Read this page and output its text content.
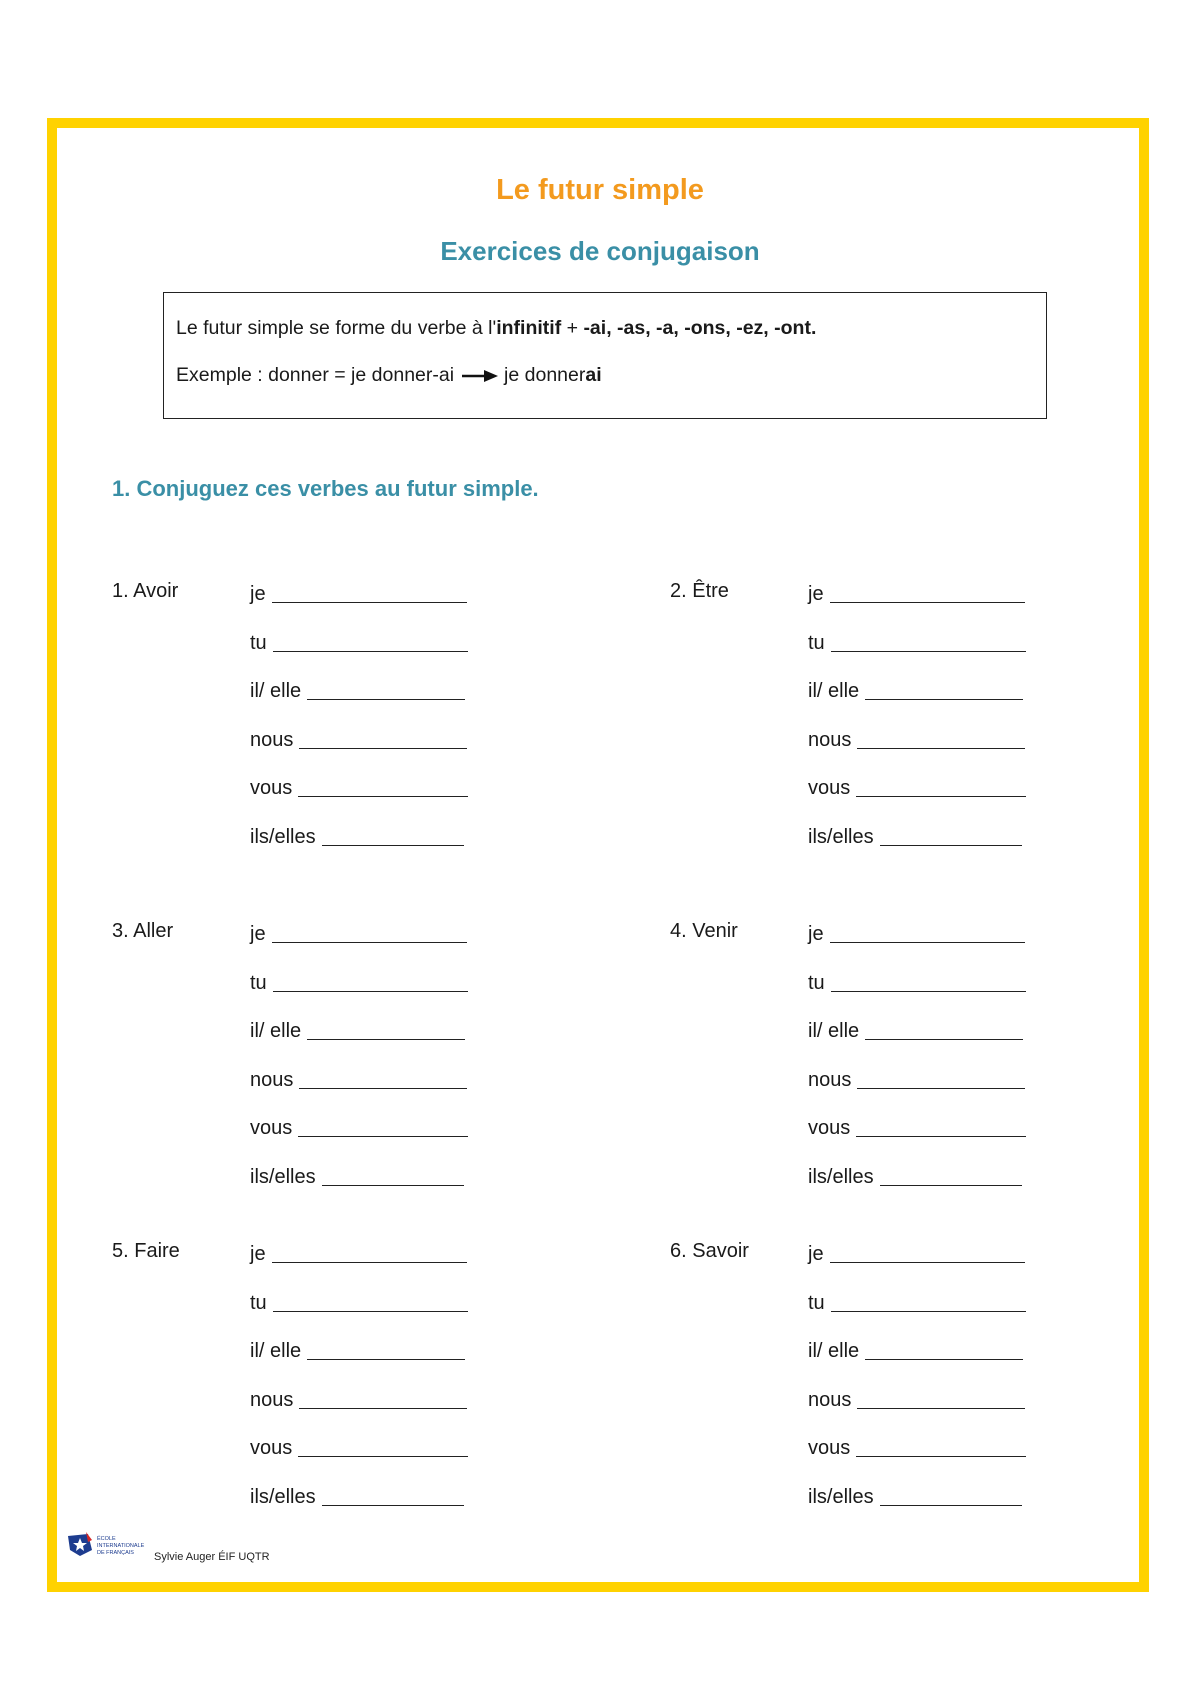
Le futur simple
Exercices de conjugaison

Le futur simple se forme du verbe à l'infinitif + -ai, -as, -a, -ons, -ez, -ont.

Exemple : donner = je donner-ai	je donner ai

1. Conjuguez ces verbes au futur simple.

1. Avoir	je
tu
il/ elle
nous
vous
ils/elles
2. Être	je
tu
il/ elle
nous
vous
ils/elles
3. Aller	je
tu
il/ elle
nous
vous
ils/elles
4. Venir	je
tu
il/ elle
nous
vous
ils/elles
5. Faire	je
tu
il/ elle
nous
vous
ils/elles
6. Savoir	je
tu
il/ elle
nous
vous
ils/elles
ÉCOLE
INTERNATIONALE
DE FRANÇAIS Sylvie Auger ÉIF UQTR
